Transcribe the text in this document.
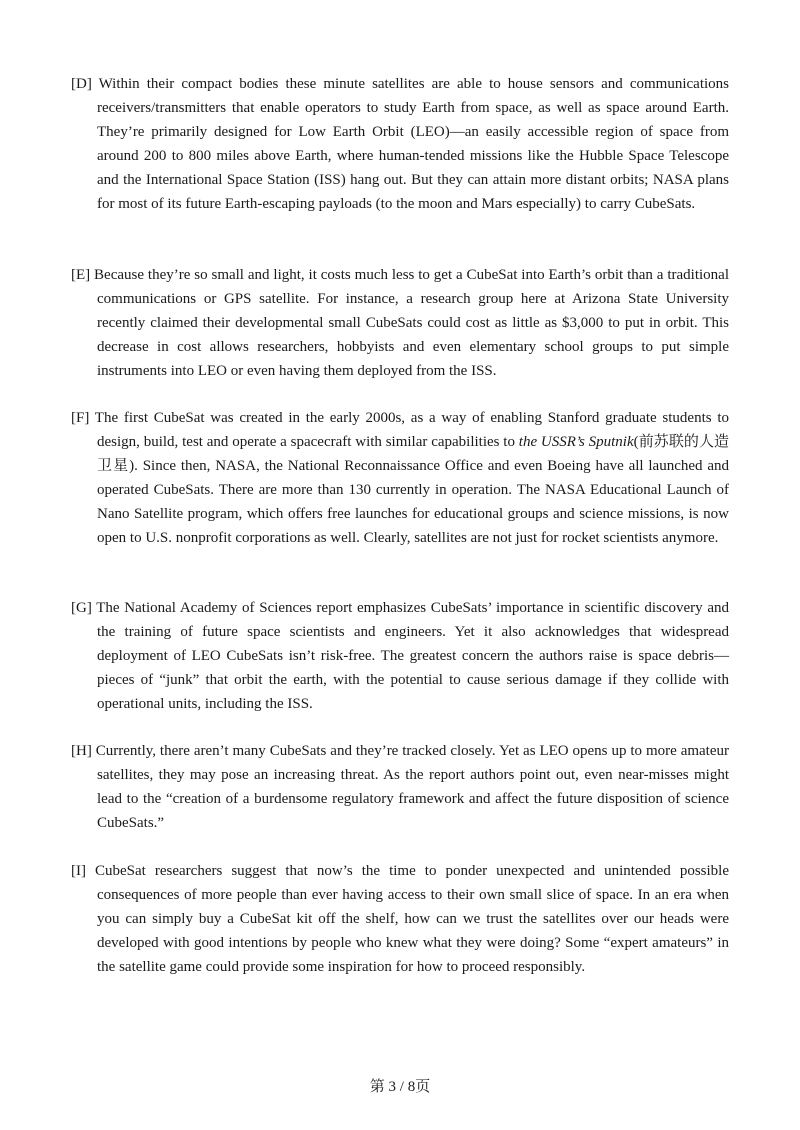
[D] Within their compact bodies these minute satellites are able to house sensors and communications receivers/transmitters that enable operators to study Earth from space, as well as space around Earth. They’re primarily designed for Low Earth Orbit (LEO)—an easily accessible region of space from around 200 to 800 miles above Earth, where human-tended missions like the Hubble Space Telescope and the International Space Station (ISS) hang out. But they can attain more distant orbits; NASA plans for most of its future Earth-escaping payloads (to the moon and Mars especially) to carry CubeSats.

[E] Because they’re so small and light, it costs much less to get a CubeSat into Earth’s orbit than a traditional communications or GPS satellite. For instance, a research group here at Arizona State University recently claimed their developmental small CubeSats could cost as little as $3,000 to put in orbit. This decrease in cost allows researchers, hobbyists and even elementary school groups to put simple instruments into LEO or even having them deployed from the ISS.

[F] The first CubeSat was created in the early 2000s, as a way of enabling Stanford graduate students to design, build, test and operate a spacecraft with similar capabilities to the USSR’s Sputnik(前苏联的人造卫星). Since then, NASA, the National Reconnaissance Office and even Boeing have all launched and operated CubeSats. There are more than 130 currently in operation. The NASA Educational Launch of Nano Satellite program, which offers free launches for educational groups and science missions, is now open to U.S. nonprofit corporations as well. Clearly, satellites are not just for rocket scientists anymore.

[G] The National Academy of Sciences report emphasizes CubeSats’ importance in scientific discovery and the training of future space scientists and engineers. Yet it also acknowledges that widespread deployment of LEO CubeSats isn’t risk-free. The greatest concern the authors raise is space debris—pieces of “junk” that orbit the earth, with the potential to cause serious damage if they collide with operational units, including the ISS.

[H] Currently, there aren’t many CubeSats and they’re tracked closely. Yet as LEO opens up to more amateur satellites, they may pose an increasing threat. As the report authors point out, even near-misses might lead to the “creation of a burdensome regulatory framework and affect the future disposition of science CubeSats.”

[I] CubeSat researchers suggest that now’s the time to ponder unexpected and unintended possible consequences of more people than ever having access to their own small slice of space. In an era when you can simply buy a CubeSat kit off the shelf, how can we trust the satellites over our heads were developed with good intentions by people who knew what they were doing? Some “expert amateurs” in the satellite game could provide some inspiration for how to proceed responsibly.

第 3 / 8页
